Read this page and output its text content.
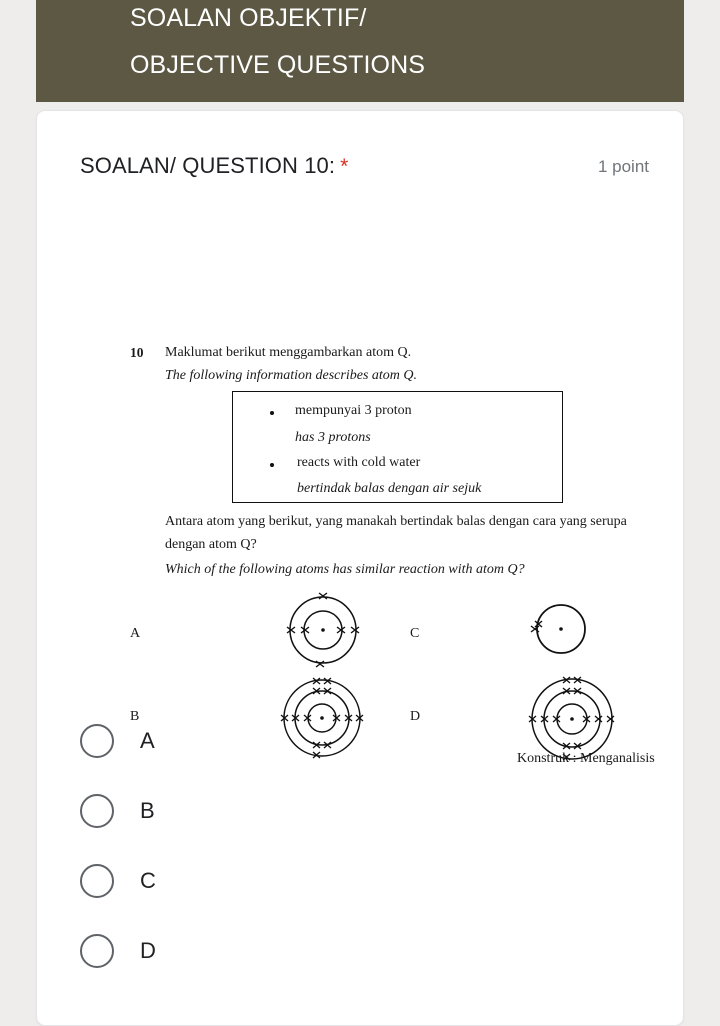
SOALAN OBJEKTIF/
OBJECTIVE QUESTIONS
SOALAN/ QUESTION 10: *	1 point
10 Maklumat berikut menggambarkan atom Q.
The following information describes atom Q.
mempunyai 3 proton
has 3 protons
reacts with cold water
bertindak balas dengan air sejuk
Antara atom yang berikut, yang manakah bertindak balas dengan cara yang serupa
dengan atom Q?
Which of the following atoms has similar reaction with atom Q?
A
B
C
D
Konstruk : Menganalisis
A
B
C
D
